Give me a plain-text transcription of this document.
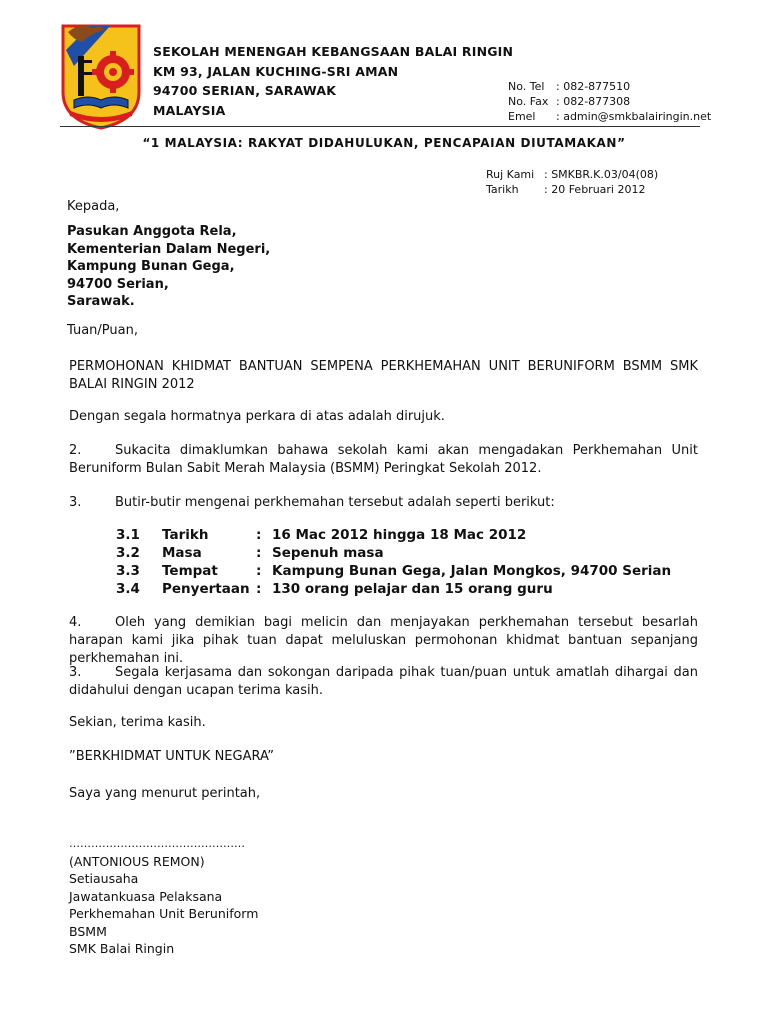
SEKOLAH MENENGAH KEBANGSAAN BALAI RINGIN
KM 93, JALAN KUCHING-SRI AMAN
94700 SERIAN, SARAWAK
MALAYSIA
No. Tel : 082-877510
No. Fax : 082-877308
Emel : admin@smkbalairingin.net
“1 MALAYSIA: RAKYAT DIDAHULUKAN, PENCAPAIAN DIUTAMAKAN”
Ruj Kami : SMKBR.K.03/04(08)
Tarikh : 20 Februari 2012
Kepada,
Pasukan Anggota Rela,
Kementerian Dalam Negeri,
Kampung Bunan Gega,
94700 Serian,
Sarawak.
Tuan/Puan,
PERMOHONAN KHIDMAT BANTUAN SEMPENA PERKHEMAHAN UNIT BERUNIFORM BSMM SMK BALAI RINGIN 2012
Dengan segala hormatnya perkara di atas adalah dirujuk.
2.	Sukacita dimaklumkan bahawa sekolah kami akan mengadakan Perkhemahan Unit Beruniform Bulan Sabit Merah Malaysia (BSMM) Peringkat Sekolah 2012.
3.	Butir-butir mengenai perkhemahan tersebut adalah seperti berikut:
3.1 Tarikh	: 16 Mac 2012 hingga 18 Mac 2012
3.2 Masa	: Sepenuh masa
3.3 Tempat	: Kampung Bunan Gega, Jalan Mongkos, 94700 Serian
3.4 Penyertaan : 130 orang pelajar dan 15 orang guru
4.	Oleh yang demikian bagi melicin dan menjayakan perkhemahan tersebut besarlah harapan kami jika pihak tuan dapat meluluskan permohonan khidmat bantuan sepanjang perkhemahan ini.
3.	Segala kerjasama dan sokongan daripada pihak tuan/puan untuk amatlah dihargai dan didahului dengan ucapan terima kasih.
Sekian, terima kasih.
”BERKHIDMAT UNTUK NEGARA”
Saya yang menurut perintah,
…………………………………………
(ANTONIOUS REMON)
Setiausaha
Jawatankuasa Pelaksana
Perkhemahan Unit Beruniform
BSMM
SMK Balai Ringin
